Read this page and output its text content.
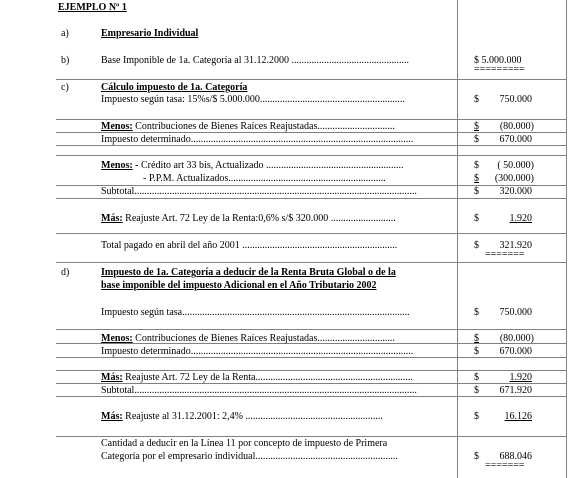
EJEMPLO Nº 1
a)	Empresario Individual
b)	Base Imponible de 1a. Categoría al 31.12.2000 ...............................................	$ 5.000.000
=========
c)	Cálculo impuesto de 1a. Categoría
Impuesto según tasa: 15%s/$ 5.000.000..........................................................	$ 750.000
Menos: Contribuciones de Bienes Raíces Reajustadas...............................	$ (80.000)
Impuesto determinado.........................................................................................	$ 670.000
Menos: - Crédito art 33 bis, Actualizado .......................................................	$ ( 50.000)
- P.P.M. Actualizados...............................................................	$ (300.000)
Subtotal.................................................................................................................	$ 320.000
Más: Reajuste Art. 72 Ley de la Renta:0,6% s/$ 320.000 ..........................	$	1.920
Total pagado en abril del año 2001 ..............................................................	$ 321.920
=======
d)	Impuesto de 1a. Categoría a deducir de la Renta Bruta Global o de la
base imponible del impuesto Adicional en el Año Tributario 2002
Impuesto según tasa...........................................................................................	$ 750.000
Menos: Contribuciones de Bienes Raíces Reajustadas...............................	$ (80.000)
Impuesto determinado.........................................................................................	$ 670.000
Más: Reajuste Art. 72 Ley de la Renta...............................................................	$	1.920
Subtotal.................................................................................................................	$ 671.920
Más: Reajuste al 31.12.2001: 2,4% .......................................................	$	16.126
Cantidad a deducir en la Línea 11 por concepto de impuesto de Primera
Categoría por el empresario individual.........................................................	$ 688.046
=======
